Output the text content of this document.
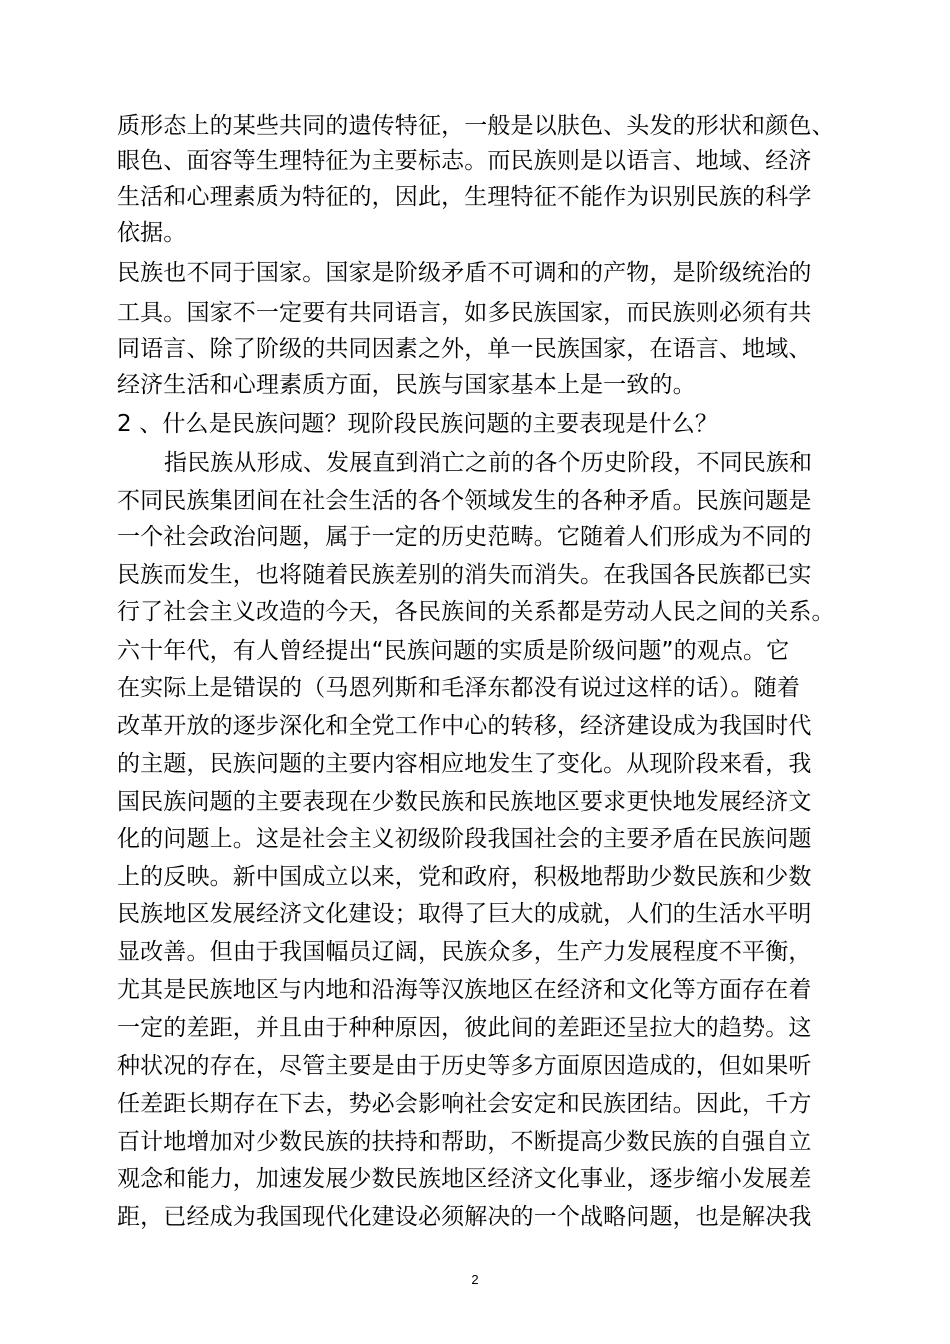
质形态上的某些共同的遗传特征，一般是以肤色、头发的形状和颜色、
眼色、面容等生理特征为主要标志。而民族则是以语言、地域、经济
生活和心理素质为特征的，因此，生理特征不能作为识别民族的科学
依据。
民族也不同于国家。国家是阶级矛盾不可调和的产物，是阶级统治的
工具。国家不一定要有共同语言，如多民族国家，而民族则必须有共
同语言、除了阶级的共同因素之外，单一民族国家，在语言、地域、
经济生活和心理素质方面，民族与国家基本上是一致的。
2 、什么是民族问题？现阶段民族问题的主要表现是什么？
指民族从形成、发展直到消亡之前的各个历史阶段，不同民族和
不同民族集团间在社会生活的各个领域发生的各种矛盾。民族问题是
一个社会政治问题，属于一定的历史范畴。它随着人们形成为不同的
民族而发生，也将随着民族差别的消失而消失。在我国各民族都已实
行了社会主义改造的今天，各民族间的关系都是劳动人民之间的关系。
六十年代，有人曾经提出“民族问题的实质是阶级问题”的观点。它
在实际上是错误的（马恩列斯和毛泽东都没有说过这样的话）。随着
改革开放的逐步深化和全党工作中心的转移，经济建设成为我国时代
的主题，民族问题的主要内容相应地发生了变化。从现阶段来看，我
国民族问题的主要表现在少数民族和民族地区要求更快地发展经济文
化的问题上。这是社会主义初级阶段我国社会的主要矛盾在民族问题
上的反映。新中国成立以来，党和政府，积极地帮助少数民族和少数
民族地区发展经济文化建设；取得了巨大的成就，人们的生活水平明
显改善。但由于我国幅员辽阔，民族众多，生产力发展程度不平衡，
尤其是民族地区与内地和沿海等汉族地区在经济和文化等方面存在着
一定的差距，并且由于种种原因，彼此间的差距还呈拉大的趋势。这
种状况的存在，尽管主要是由于历史等多方面原因造成的，但如果听
任差距长期存在下去，势必会影响社会安定和民族团结。因此，千方
百计地增加对少数民族的扶持和帮助，不断提高少数民族的自强自立
观念和能力，加速发展少数民族地区经济文化事业，逐步缩小发展差
距，已经成为我国现代化建设必须解决的一个战略问题，也是解决我
2
